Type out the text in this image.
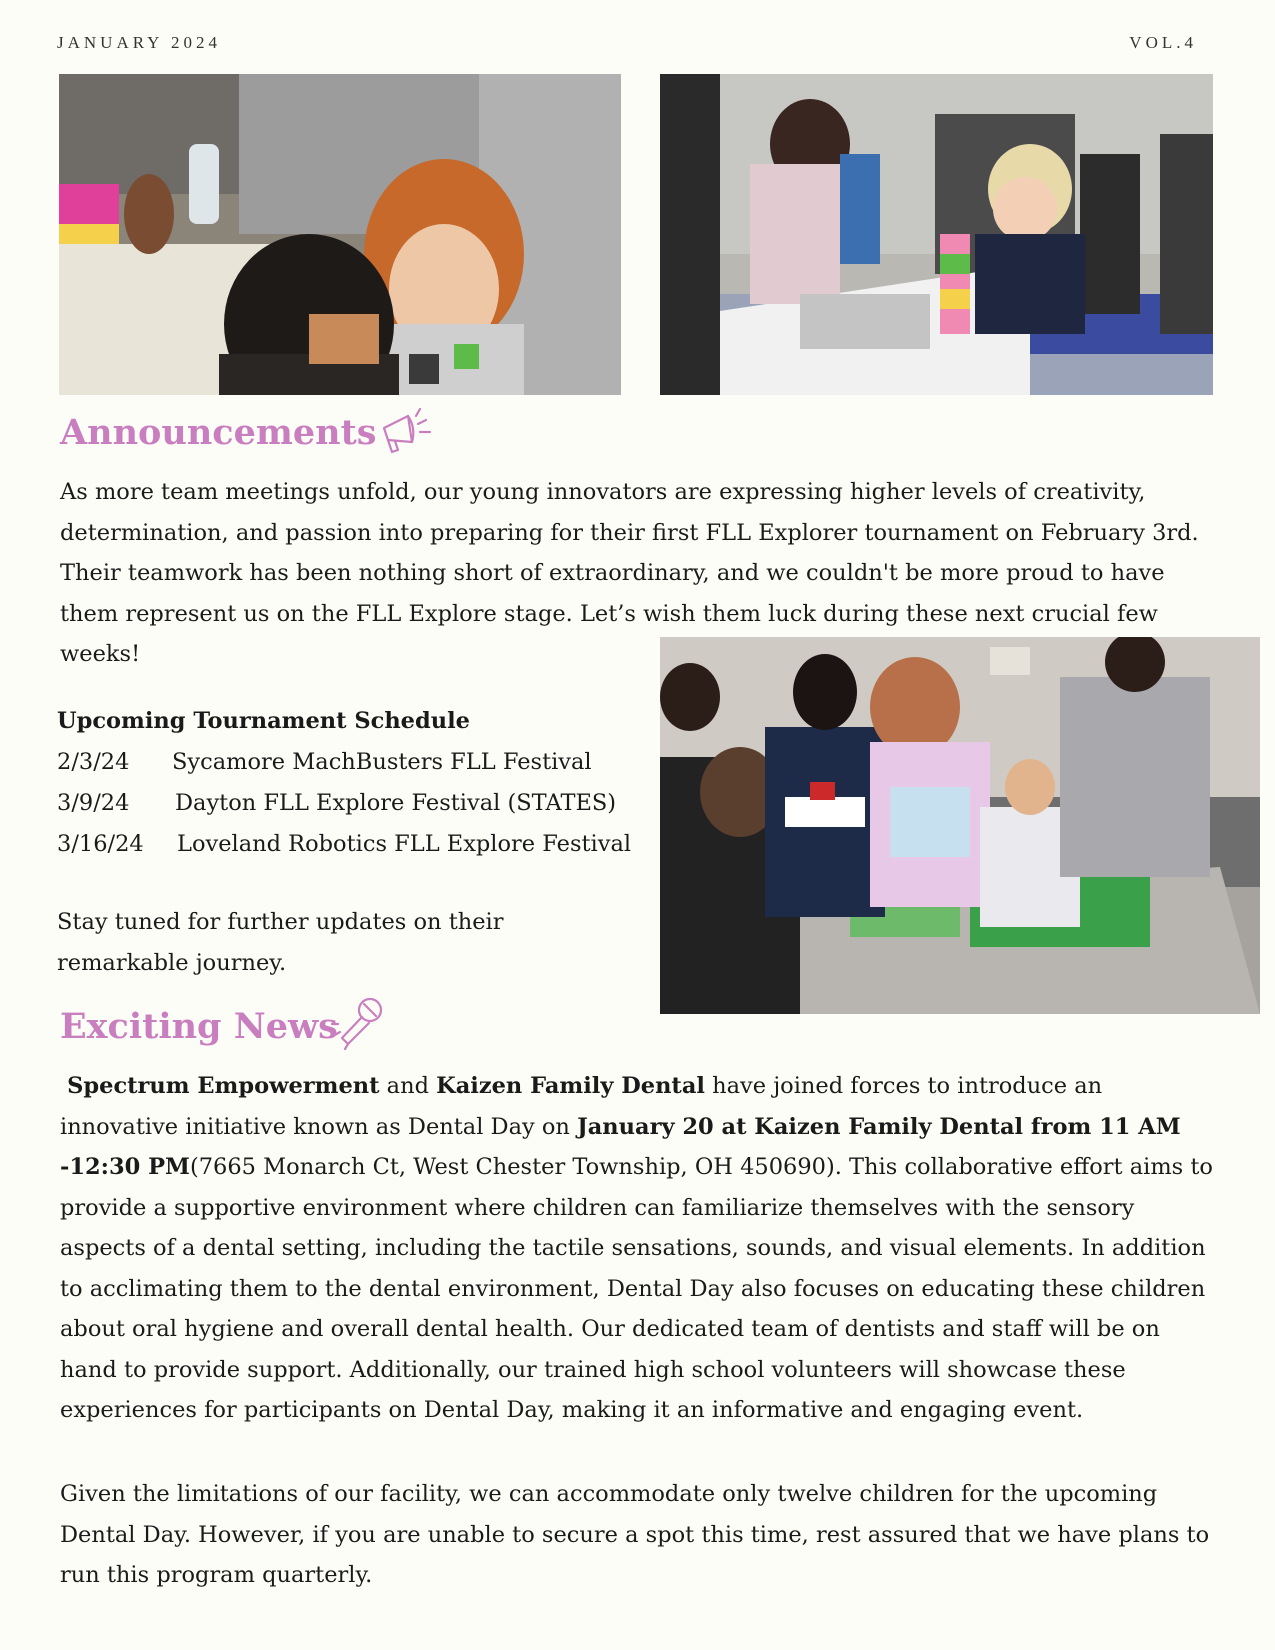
JANUARY 2024	VOL.4
Announcements
As more team meetings unfold, our young innovators are expressing higher levels of creativity,
determination, and passion into preparing for their first FLL Explorer tournament on February 3rd.
Their teamwork has been nothing short of extraordinary, and we couldn't be more proud to have
them represent us on the FLL Explore stage. Let’s wish them luck during these next crucial few
weeks!
Upcoming Tournament Schedule
2/3/24	Sycamore MachBusters FLL Festival
3/9/24	Dayton FLL Explore Festival (STATES)
3/16/24	Loveland Robotics FLL Explore Festival
Stay tuned for further updates on their
remarkable journey.
Exciting News
Spectrum Empowerment and Kaizen Family Dental have joined forces to introduce an
innovative initiative known as Dental Day on January 20 at Kaizen Family Dental from 11 AM
-12:30 PM(7665 Monarch Ct, West Chester Township, OH 450690). This collaborative effort aims to
provide a supportive environment where children can familiarize themselves with the sensory
aspects of a dental setting, including the tactile sensations, sounds, and visual elements. In addition
to acclimating them to the dental environment, Dental Day also focuses on educating these children
about oral hygiene and overall dental health. Our dedicated team of dentists and staff will be on
hand to provide support. Additionally, our trained high school volunteers will showcase these
experiences for participants on Dental Day, making it an informative and engaging event.
Given the limitations of our facility, we can accommodate only twelve children for the upcoming
Dental Day. However, if you are unable to secure a spot this time, rest assured that we have plans to
run this program quarterly.
